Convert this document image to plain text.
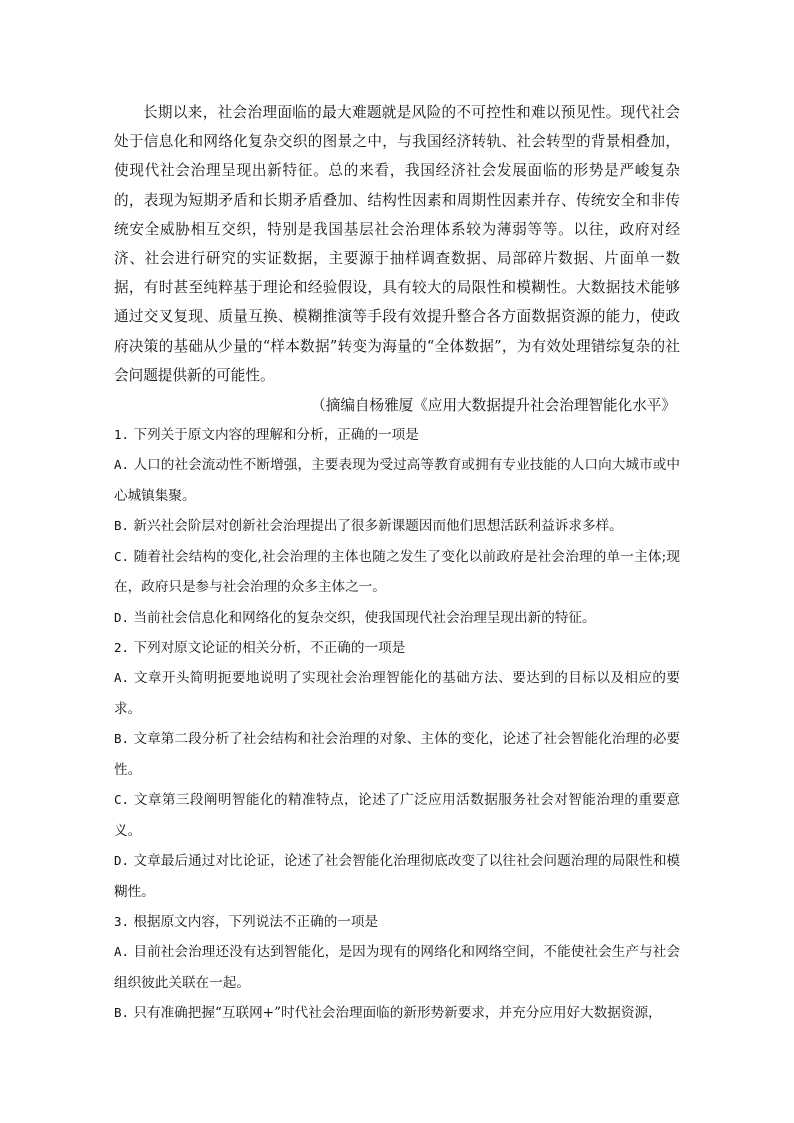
长期以来，社会治理面临的最大难题就是风险的不可控性和难以预见性。现代社会处于信息化和网络化复杂交织的图景之中，与我国经济转轨、社会转型的背景相叠加，使现代社会治理呈现出新特征。总的来看，我国经济社会发展面临的形势是严峻复杂的，表现为短期矛盾和长期矛盾叠加、结构性因素和周期性因素并存、传统安全和非传统安全威胁相互交织，特别是我国基层社会治理体系较为薄弱等等。以往，政府对经济、社会进行研究的实证数据，主要源于抽样调查数据、局部碎片数据、片面单一数据，有时甚至纯粹基于理论和经验假设，具有较大的局限性和模糊性。大数据技术能够通过交叉复现、质量互换、模糊推演等手段有效提升整合各方面数据资源的能力，使政府决策的基础从少量的“样本数据”转变为海量的“全体数据”，为有效处理错综复杂的社会问题提供新的可能性。

（摘编自杨雅厦《应用大数据提升社会治理智能化水平》

1. 下列关于原文内容的理解和分析，正确的一项是

A. 人口的社会流动性不断增强，主要表现为受过高等教育或拥有专业技能的人口向大城市或中心城镇集聚。

B. 新兴社会阶层对创新社会治理提出了很多新课题因而他们思想活跃利益诉求多样。

C. 随着社会结构的变化,社会治理的主体也随之发生了变化以前政府是社会治理的单一主体;现在，政府只是参与社会治理的众多主体之一。

D. 当前社会信息化和网络化的复杂交织，使我国现代社会治理呈现出新的特征。

2. 下列对原文论证的相关分析，不正确的一项是

A. 文章开头简明扼要地说明了实现社会治理智能化的基础方法、要达到的目标以及相应的要求。

B. 文章第二段分析了社会结构和社会治理的对象、主体的变化，论述了社会智能化治理的必要性。

C. 文章第三段阐明智能化的精准特点，论述了广泛应用活数据服务社会对智能治理的重要意义。

D. 文章最后通过对比论证，论述了社会智能化治理彻底改变了以往社会问题治理的局限性和模糊性。

3. 根据原文内容，下列说法不正确的一项是

A. 目前社会治理还没有达到智能化，是因为现有的网络化和网络空间，不能使社会生产与社会组织彼此关联在一起。

B. 只有准确把握“互联网+”时代社会治理面临的新形势新要求，并充分应用好大数据资源，
